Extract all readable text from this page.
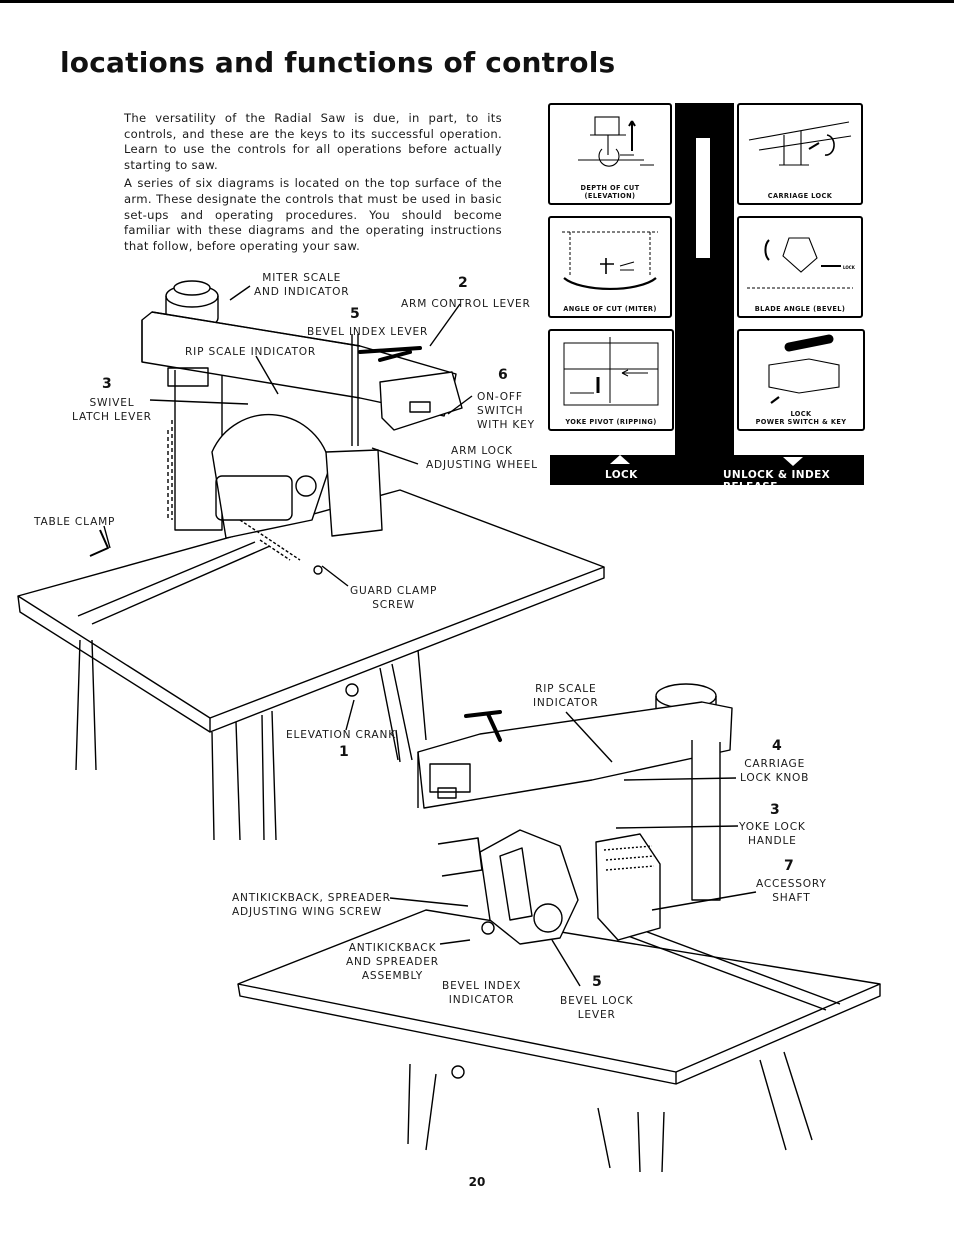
locations and functions of controls

The versatility of the Radial Saw is due, in part, to its controls, and these are the keys to its successful operation. Learn to use the controls for all operations before actually starting to saw.

A series of six diagrams is located on the top surface of the arm. These designate the controls that must be used in basic set-ups and operating procedures. You should become familiar with these diagrams and the operating instructions that follow, before operating your saw.

DEPTH OF CUT
(ELEVATION)	CARRIAGE LOCK
ANGLE OF CUT (MITER)
LOCK
BLADE ANGLE (BEVEL)
YOKE PIVOT (RIPPING)
LOCK
POWER SWITCH & KEY
LOCK	UNLOCK & INDEX RELEASE
MITER SCALE
AND INDICATOR
2
ARM CONTROL LEVER
5
BEVEL INDEX LEVER
RIP SCALE INDICATOR
3
SWIVEL
LATCH LEVER
6
ON-OFF
SWITCH
WITH KEY
ARM LOCK
ADJUSTING WHEEL
TABLE CLAMP
GUARD CLAMP
SCREW
ELEVATION CRANK
1
RIP SCALE
INDICATOR
4
CARRIAGE
LOCK KNOB
3
YOKE LOCK
HANDLE
7
ACCESSORY
SHAFT
ANTIKICKBACK, SPREADER
ADJUSTING WING SCREW
ANTIKICKBACK
AND SPREADER
ASSEMBLY
BEVEL INDEX
INDICATOR
5
BEVEL LOCK
LEVER
20
